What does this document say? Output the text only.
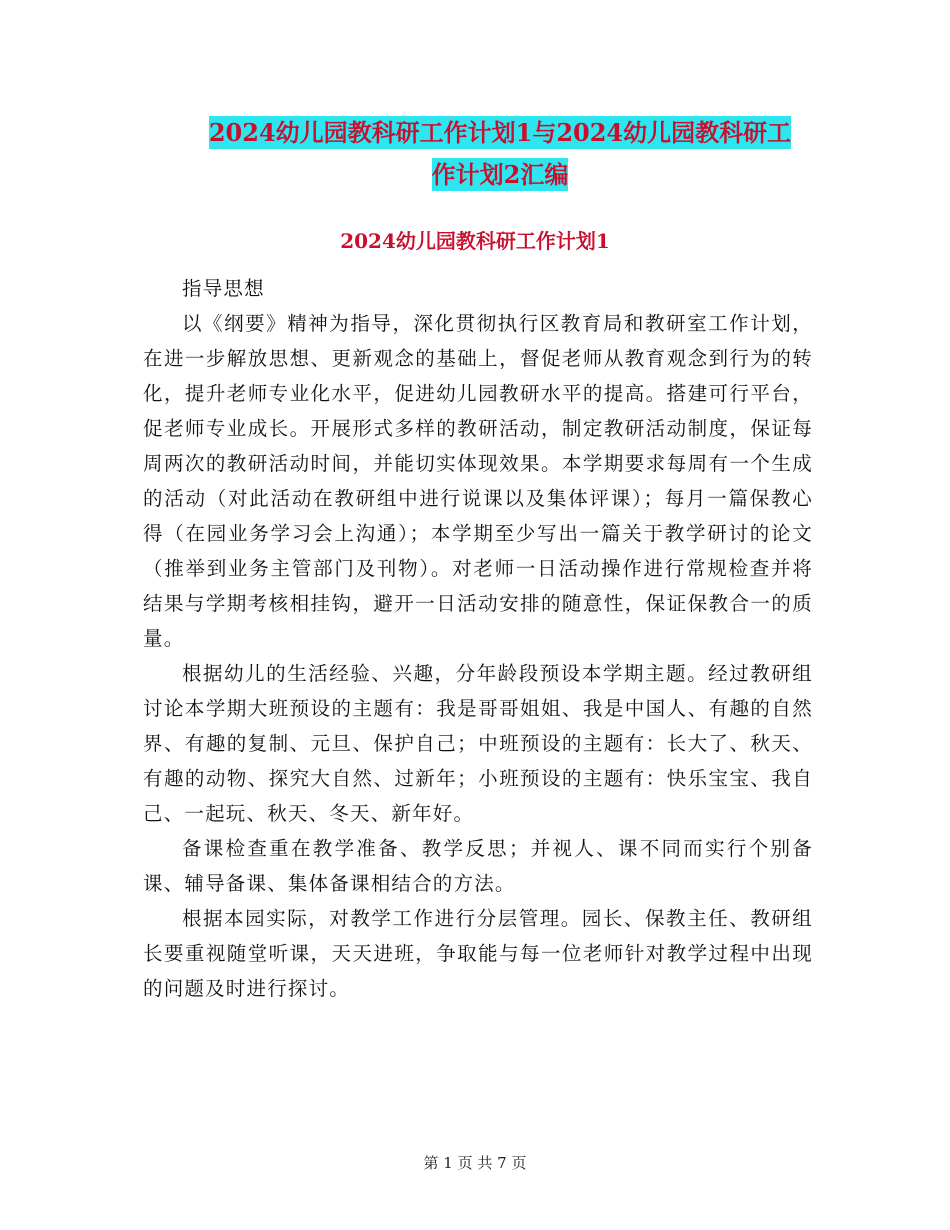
2024幼儿园教科研工作计划1与2024幼儿园教科研工
作计划2汇编
2024幼儿园教科研工作计划1

指导思想

以《纲要》精神为指导，深化贯彻执行区教育局和教研室工作计划，在进一步解放思想、更新观念的基础上，督促老师从教育观念到行为的转化，提升老师专业化水平，促进幼儿园教研水平的提高。搭建可行平台，促老师专业成长。开展形式多样的教研活动，制定教研活动制度，保证每周两次的教研活动时间，并能切实体现效果。本学期要求每周有一个生成的活动（对此活动在教研组中进行说课以及集体评课）；每月一篇保教心得（在园业务学习会上沟通）；本学期至少写出一篇关于教学研讨的论文（推举到业务主管部门及刊物）。对老师一日活动操作进行常规检查并将结果与学期考核相挂钩，避开一日活动安排的随意性，保证保教合一的质量。

根据幼儿的生活经验、兴趣，分年龄段预设本学期主题。经过教研组讨论本学期大班预设的主题有：我是哥哥姐姐、我是中国人、有趣的自然界、有趣的复制、元旦、保护自己；中班预设的主题有：长大了、秋天、有趣的动物、探究大自然、过新年；小班预设的主题有：快乐宝宝、我自己、一起玩、秋天、冬天、新年好。

备课检查重在教学准备、教学反思；并视人、课不同而实行个别备课、辅导备课、集体备课相结合的方法。

根据本园实际，对教学工作进行分层管理。园长、保教主任、教研组长要重视随堂听课，天天进班，争取能与每一位老师针对教学过程中出现的问题及时进行探讨。

第 1 页 共 7 页
